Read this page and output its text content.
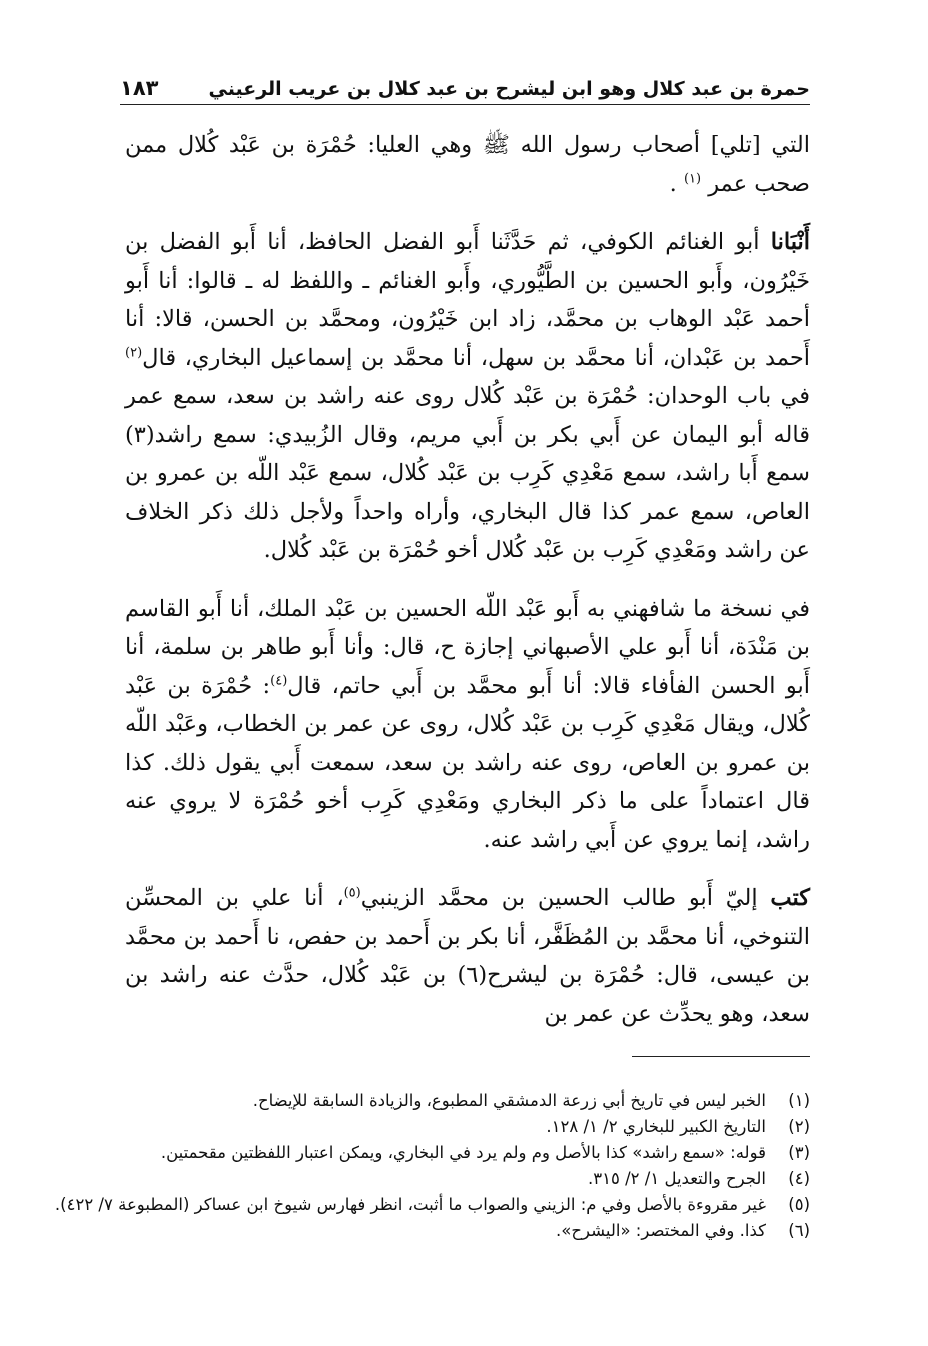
حمرة بن عبد كلال وهو ابن ليشرح بن عبد كلال بن عريب الرعيني
١٨٣

التي [تلي] أصحاب رسول الله ﷺ وهي العليا: حُمْرَة بن عَبْد كُلال ممن صحب عمر $^{(١)}$ .

أَنْبَانا أبو الغنائم الكوفي، ثم حَدَّثَنا أَبو الفضل الحافظ، أنا أَبو الفضل بن خَيْرُون، وأَبو الحسين بن الطَّيُّوري، وأَبو الغنائم ـ واللفظ له ـ قالوا: أنا أَبو أحمد عَبْد الوهاب بن محمَّد، زاد ابن خَيْرُون، ومحمَّد بن الحسن، قالا: أنا أَحمد بن عَبْدان، أنا محمَّد بن سهل، أنا محمَّد بن إسماعيل البخاري، قال$^{(٢)}$ في باب الوحدان: حُمْرَة بن عَبْد كُلال روى عنه راشد بن سعد، سمع عمر قاله أبو اليمان عن أَبي بكر بن أَبي مريم، وقال الزُبيدي: سمع راشد(٣) سمع أَبا راشد، سمع مَعْدِي كَرِب بن عَبْد كُلال، سمع عَبْد اللّه بن عمرو بن العاص، سمع عمر كذا قال البخاري، وأراه واحداً ولأجل ذلك ذكر الخلاف عن راشد ومَعْدِي كَرِب بن عَبْد كُلال أخو حُمْرَة بن عَبْد كُلال.

في نسخة ما شافهني به أَبو عَبْد اللّه الحسين بن عَبْد الملك، أنا أَبو القاسم بن مَنْدَة، أنا أَبو علي الأصبهاني إجازة ح، قال: وأنا أَبو طاهر بن سلمة، أنا أَبو الحسن الفأفاء قالا: أنا أَبو محمَّد بن أَبي حاتم، قال$^{(٤)}$: حُمْرَة بن عَبْد كُلال، ويقال مَعْدِي كَرِب بن عَبْد كُلال، روى عن عمر بن الخطاب، وعَبْد اللّه بن عمرو بن العاص، روى عنه راشد بن سعد، سمعت أَبي يقول ذلك. كذا قال اعتماداً على ما ذكر البخاري ومَعْدِي كَرِب أخو حُمْرَة لا يروي عنه راشد، إنما يروي عن أَبي راشد عنه.

كتب إليّ أَبو طالب الحسين بن محمَّد الزينبي$^{(٥)}$، أنا علي بن المحسِّن التنوخي، أنا محمَّد بن المُظَفَّر، أنا بكر بن أَحمد بن حفص، نا أَحمد بن محمَّد بن عيسى، قال: حُمْرَة بن ليشرح(٦) بن عَبْد كُلال، حدَّث عنه راشد بن سعد، وهو يحدِّث عن عمر بن

(١)
الخبر ليس في تاريخ أبي زرعة الدمشقي المطبوع، والزيادة السابقة للإيضاح.
(٢)
التاريخ الكبير للبخاري ٢/ ١/ ١٢٨.
(٣)
قوله: «سمع راشد» كذا بالأصل وم ولم يرد في البخاري، ويمكن اعتبار اللفظتين مقحمتين.
(٤)
الجرح والتعديل ١/ ٢/ ٣١٥.
(٥)
غير مقروءة بالأصل وفي م: الزيني والصواب ما أثبت، انظر فهارس شيوخ ابن عساكر (المطبوعة ٧/ ٤٢٢).
(٦)
كذا. وفي المختصر: «اليشرح».
